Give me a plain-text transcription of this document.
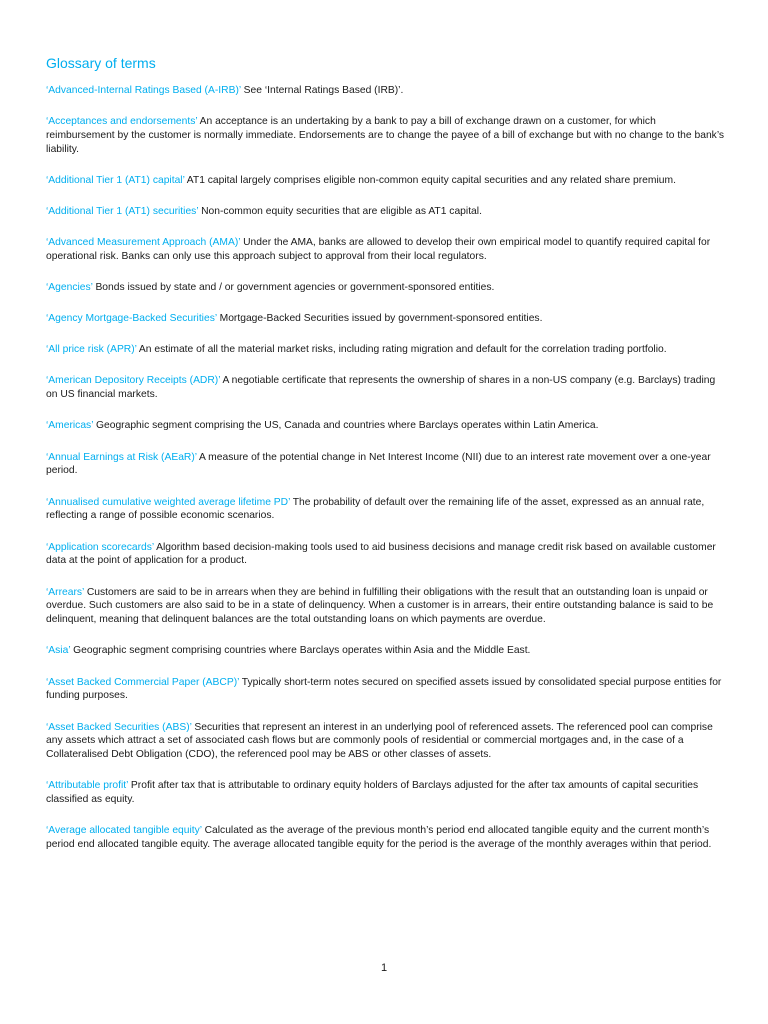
Glossary of terms

‘Advanced-Internal Ratings Based (A-IRB)’ See ‘Internal Ratings Based (IRB)’.

‘Acceptances and endorsements’ An acceptance is an undertaking by a bank to pay a bill of exchange drawn on a customer, for which reimbursement by the customer is normally immediate. Endorsements are to change the payee of a bill of exchange but with no change to the bank’s liability.

‘Additional Tier 1 (AT1) capital’ AT1 capital largely comprises eligible non-common equity capital securities and any related share premium.

‘Additional Tier 1 (AT1) securities’ Non-common equity securities that are eligible as AT1 capital.

‘Advanced Measurement Approach (AMA)’ Under the AMA, banks are allowed to develop their own empirical model to quantify required capital for operational risk. Banks can only use this approach subject to approval from their local regulators.

‘Agencies’ Bonds issued by state and / or government agencies or government-sponsored entities.

‘Agency Mortgage-Backed Securities’ Mortgage-Backed Securities issued by government-sponsored entities.

‘All price risk (APR)’ An estimate of all the material market risks, including rating migration and default for the correlation trading portfolio.

‘American Depository Receipts (ADR)’ A negotiable certificate that represents the ownership of shares in a non-US company (e.g. Barclays) trading on US financial markets.

‘Americas’ Geographic segment comprising the US, Canada and countries where Barclays operates within Latin America.

‘Annual Earnings at Risk (AEaR)’ A measure of the potential change in Net Interest Income (NII) due to an interest rate movement over a one-year period.

‘Annualised cumulative weighted average lifetime PD’ The probability of default over the remaining life of the asset, expressed as an annual rate, reflecting a range of possible economic scenarios.

‘Application scorecards’ Algorithm based decision-making tools used to aid business decisions and manage credit risk based on available customer data at the point of application for a product.

‘Arrears’ Customers are said to be in arrears when they are behind in fulfilling their obligations with the result that an outstanding loan is unpaid or overdue. Such customers are also said to be in a state of delinquency. When a customer is in arrears, their entire outstanding balance is said to be delinquent, meaning that delinquent balances are the total outstanding loans on which payments are overdue.

‘Asia’ Geographic segment comprising countries where Barclays operates within Asia and the Middle East.

‘Asset Backed Commercial Paper (ABCP)’ Typically short-term notes secured on specified assets issued by consolidated special purpose entities for funding purposes.

‘Asset Backed Securities (ABS)’ Securities that represent an interest in an underlying pool of referenced assets. The referenced pool can comprise any assets which attract a set of associated cash flows but are commonly pools of residential or commercial mortgages and, in the case of a Collateralised Debt Obligation (CDO), the referenced pool may be ABS or other classes of assets.

‘Attributable profit’ Profit after tax that is attributable to ordinary equity holders of Barclays adjusted for the after tax amounts of capital securities classified as equity.

‘Average allocated tangible equity’ Calculated as the average of the previous month’s period end allocated tangible equity and the current month’s period end allocated tangible equity. The average allocated tangible equity for the period is the average of the monthly averages within that period.

1
